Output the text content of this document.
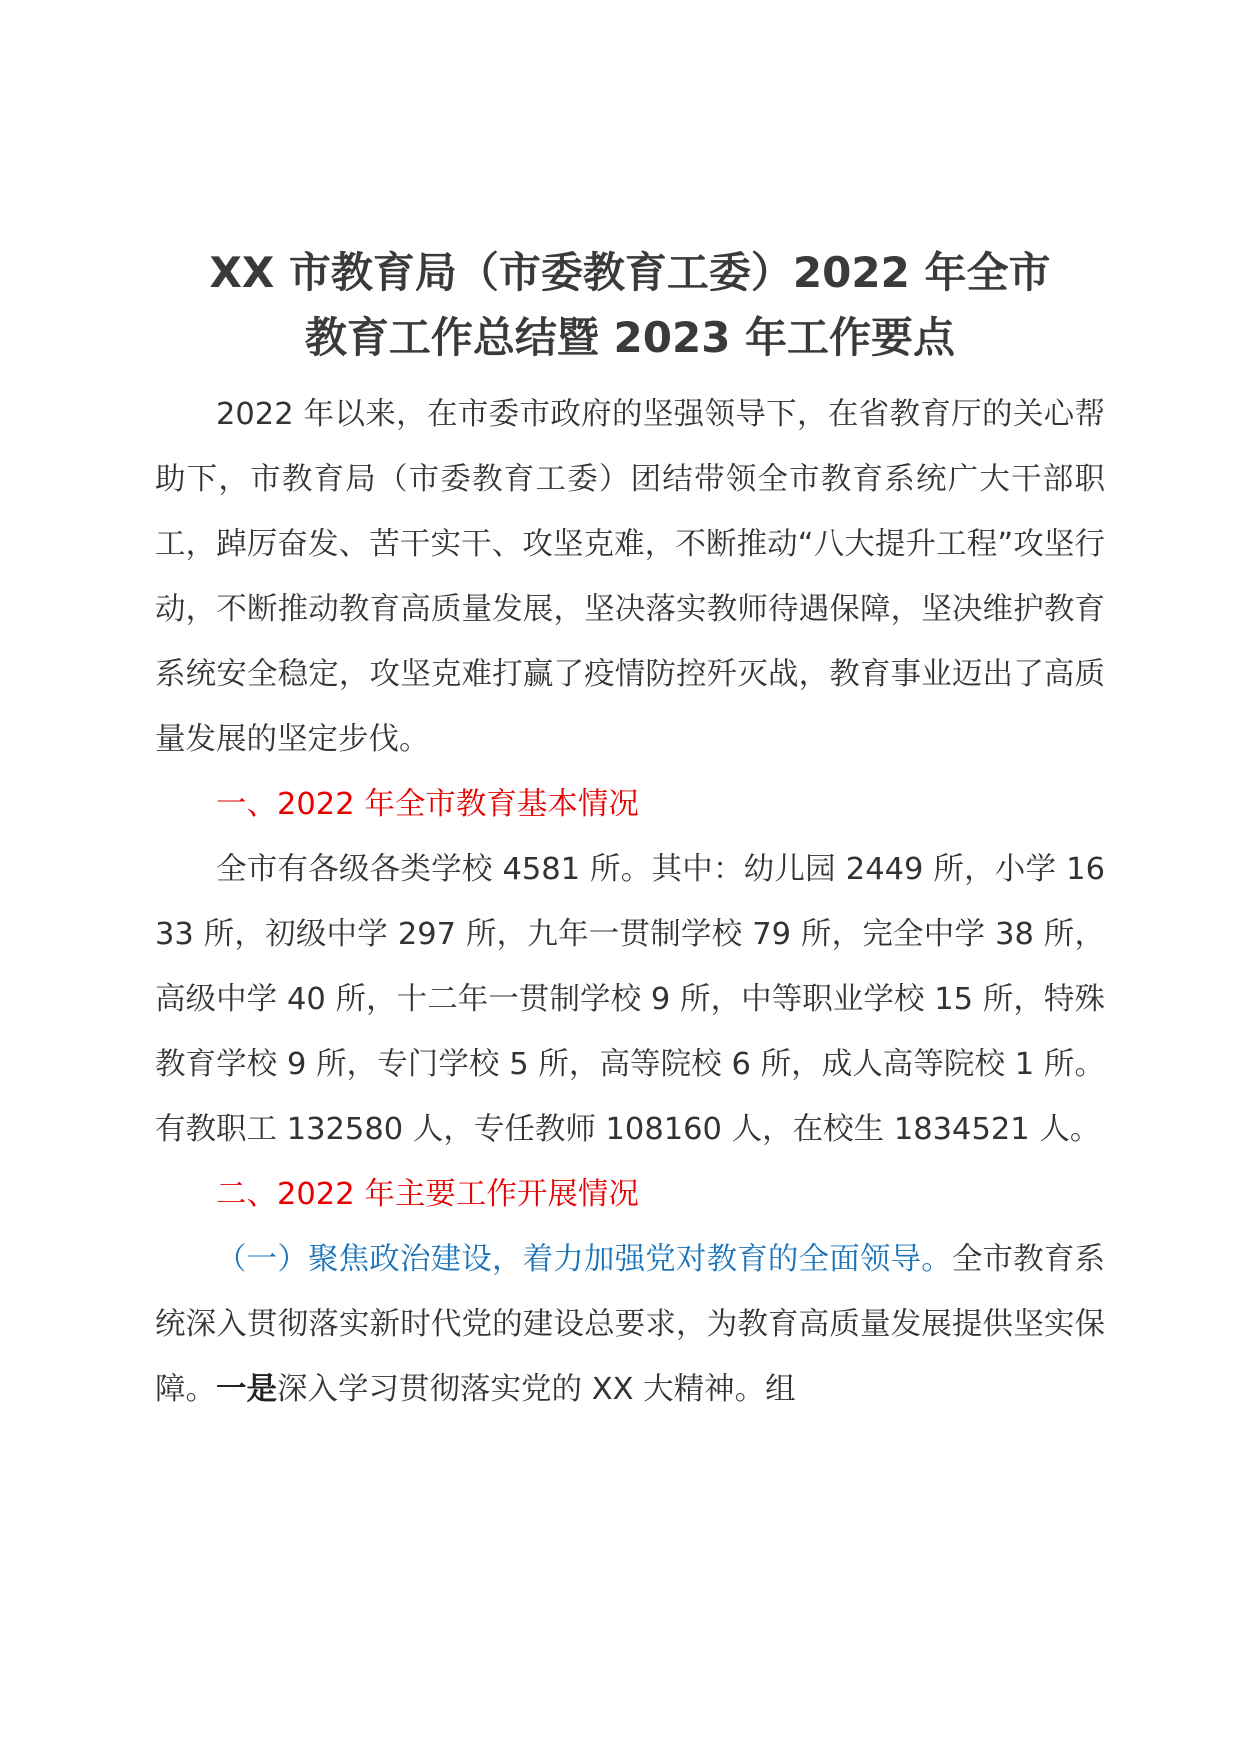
XX 市教育局（市委教育工委）2022 年全市
教育工作总结暨 2023 年工作要点

2022 年以来，在市委市政府的坚强领导下，在省教育厅的关心帮助下，市教育局（市委教育工委）团结带领全市教育系统广大干部职工，踔厉奋发、苦干实干、攻坚克难，不断推动“八大提升工程”攻坚行动，不断推动教育高质量发展，坚决落实教师待遇保障，坚决维护教育系统安全稳定，攻坚克难打赢了疫情防控歼灭战，教育事业迈出了高质量发展的坚定步伐。

一、2022 年全市教育基本情况

全市有各级各类学校 4581 所。其中：幼儿园 2449 所，小学 1633 所，初级中学 297 所，九年一贯制学校 79 所，完全中学 38 所，高级中学 40 所，十二年一贯制学校 9 所，中等职业学校 15 所，特殊教育学校 9 所，专门学校 5 所，高等院校 6 所，成人高等院校 1 所。有教职工 132580 人，专任教师 108160 人，在校生 1834521 人。

二、2022 年主要工作开展情况

（一）聚焦政治建设，着力加强党对教育的全面领导。全市教育系统深入贯彻落实新时代党的建设总要求，为教育高质量发展提供坚实保障。一是深入学习贯彻落实党的 XX 大精神。组
